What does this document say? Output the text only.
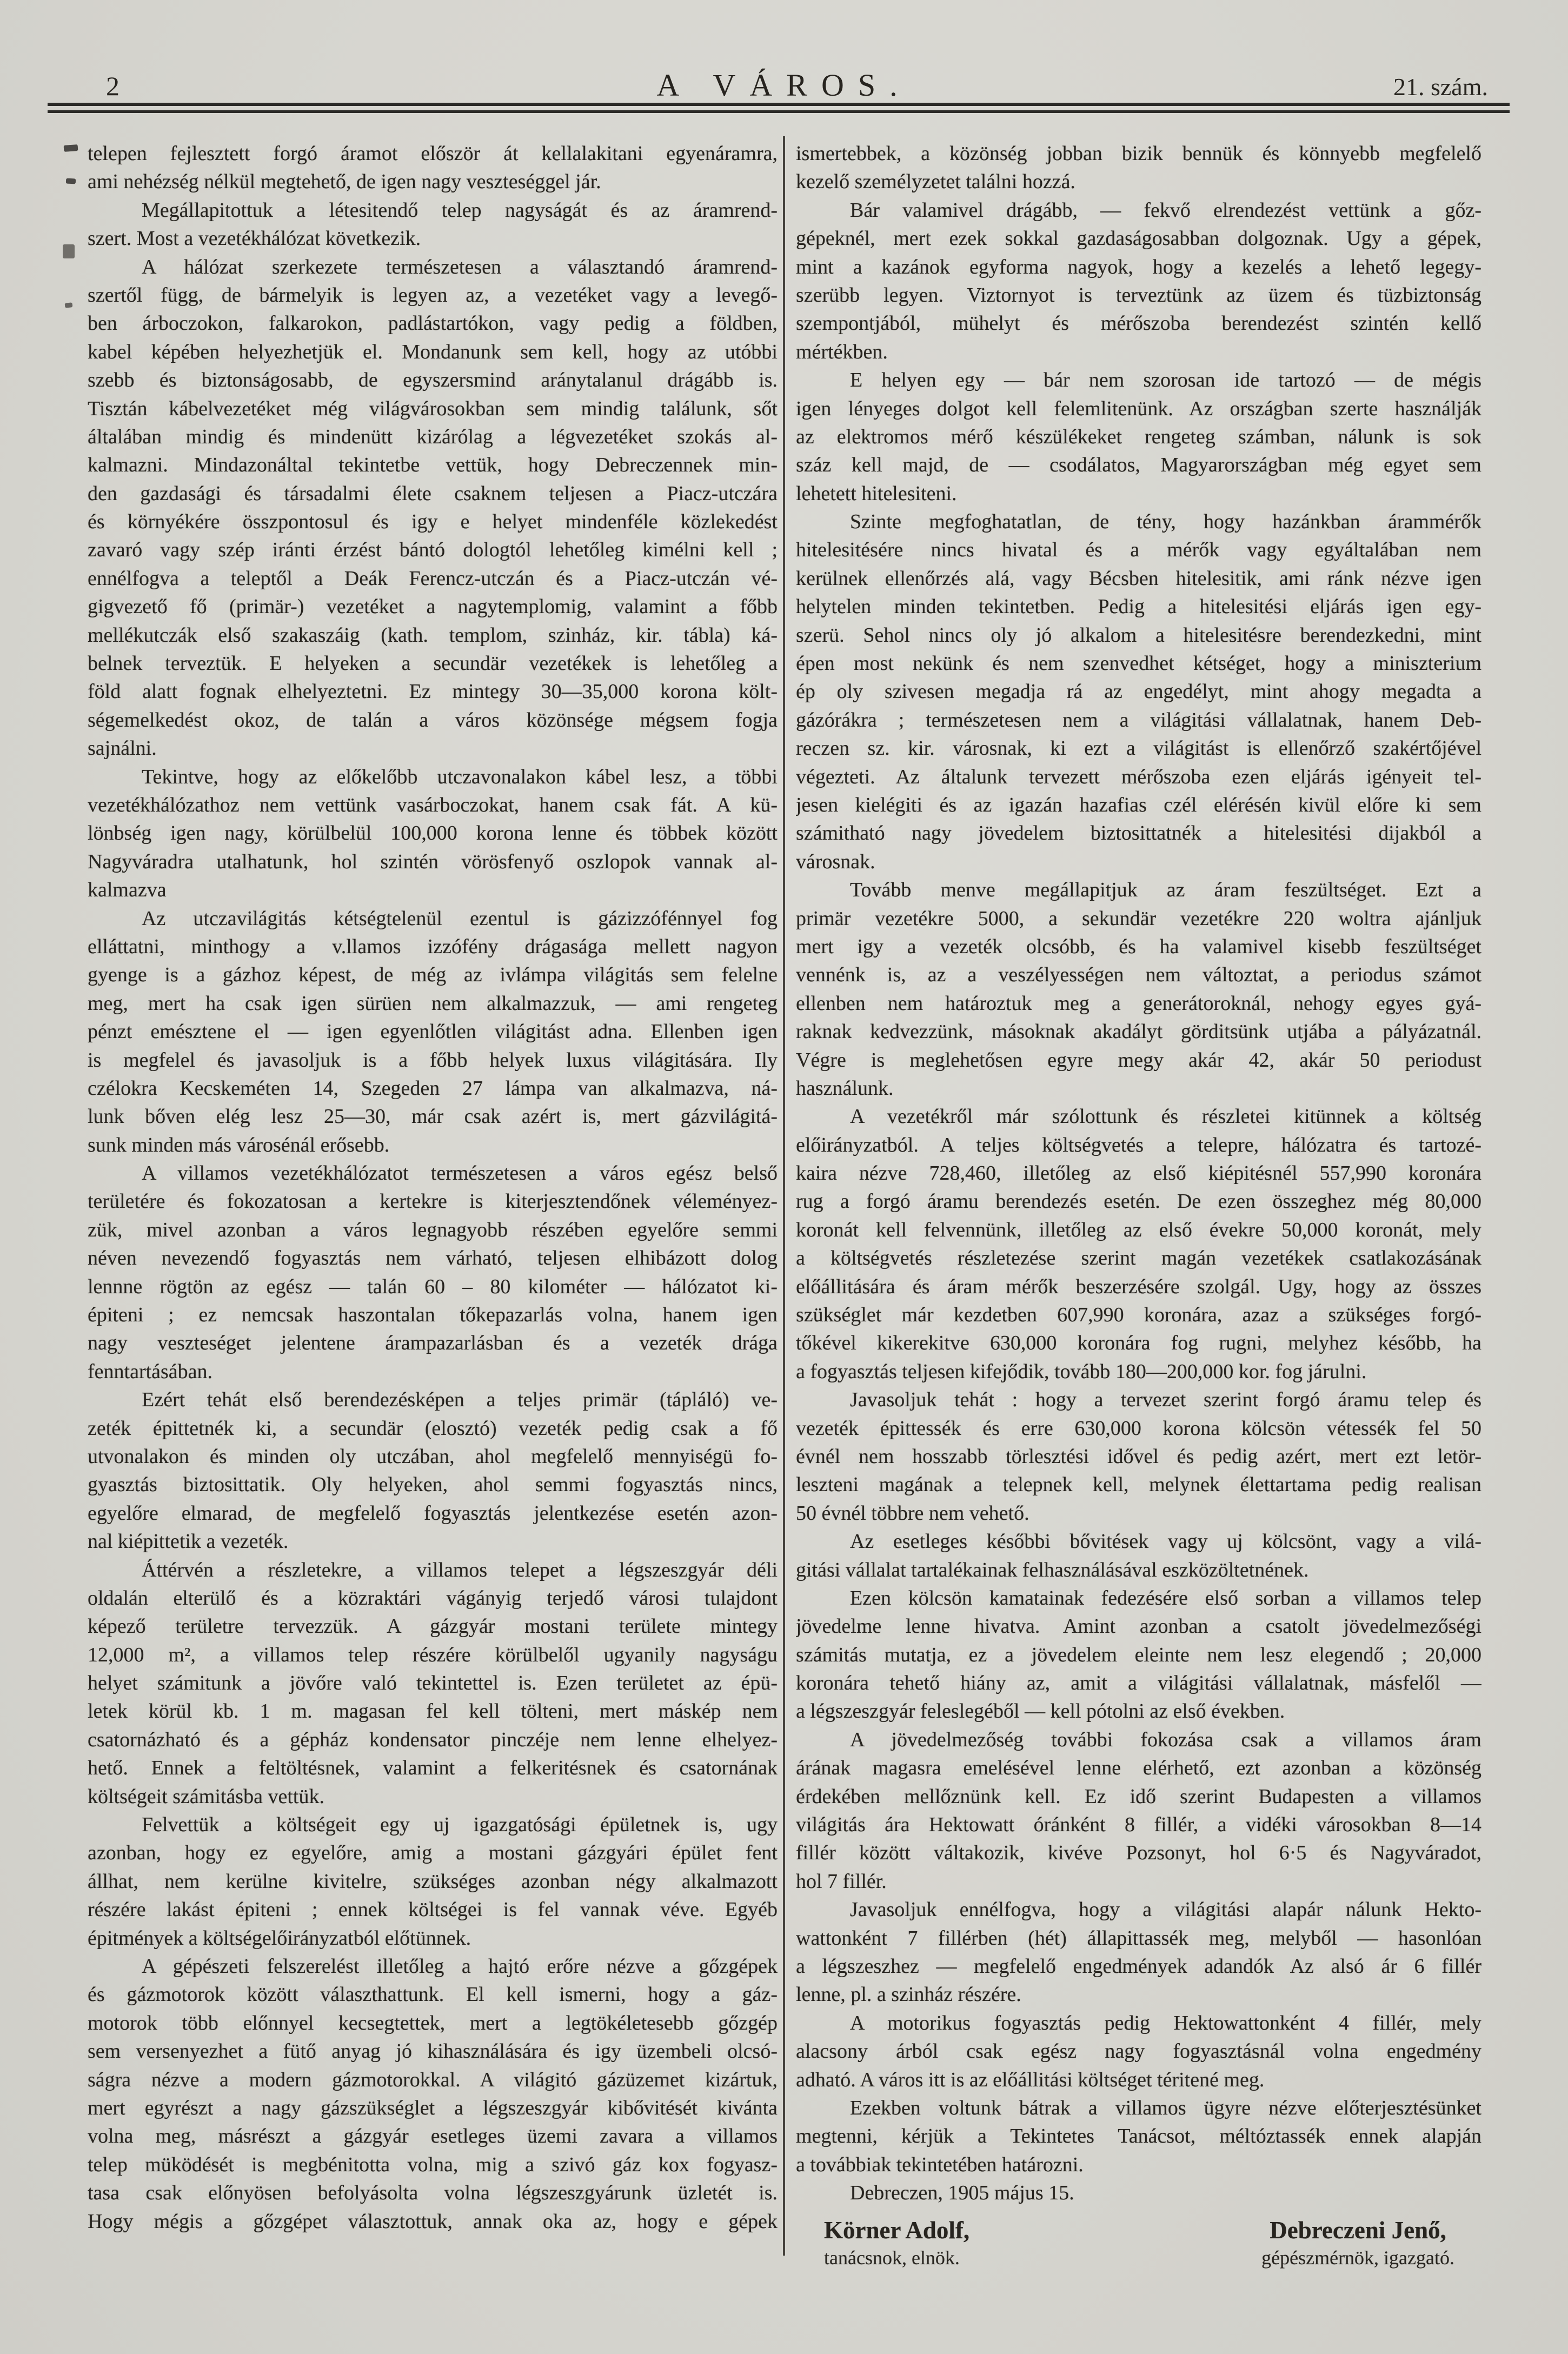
2	A VÁROS.	21. szám.
telepen fejlesztett forgó áramot először át kellalakitani egyenáramra,
ami nehézség nélkül megtehető, de igen nagy veszteséggel jár.
Megállapitottuk a létesitendő telep nagyságát és az áramrend-
szert. Most a vezetékhálózat következik.
A hálózat szerkezete természetesen a választandó áramrend-
szertől függ, de bármelyik is legyen az, a vezetéket vagy a levegő-
ben árboczokon, falkarokon, padlástartókon, vagy pedig a földben,
kabel képében helyezhetjük el. Mondanunk sem kell, hogy az utóbbi
szebb és biztonságosabb, de egyszersmind aránytalanul drágább is.
Tisztán kábelvezetéket még világvárosokban sem mindig találunk, sőt
általában mindig és mindenütt kizárólag a légvezetéket szokás al-
kalmazni. Mindazonáltal tekintetbe vettük, hogy Debreczennek min-
den gazdasági és társadalmi élete csaknem teljesen a Piacz-utczára
és környékére összpontosul és igy e helyet mindenféle közlekedést
zavaró vagy szép iránti érzést bántó dologtól lehetőleg kimélni kell ;
ennélfogva a teleptől a Deák Ferencz-utczán és a Piacz-utczán vé-
gigvezető fő (primär-) vezetéket a nagytemplomig, valamint a főbb
mellékutczák első szakaszáig (kath. templom, szinház, kir. tábla) ká-
belnek terveztük. E helyeken a secundär vezetékek is lehetőleg a
föld alatt fognak elhelyeztetni. Ez mintegy 30—35,000 korona költ-
ségemelkedést okoz, de talán a város közönsége mégsem fogja
sajnálni.
Tekintve, hogy az előkelőbb utczavonalakon kábel lesz, a többi
vezetékhálózathoz nem vettünk vasárboczokat, hanem csak fát. A kü-
lönbség igen nagy, körülbelül 100,000 korona lenne és többek között
Nagyváradra utalhatunk, hol szintén vörösfenyő oszlopok vannak al-
kalmazva
Az utczavilágitás kétségtelenül ezentul is gázizzófénnyel fog
elláttatni, minthogy a v.llamos izzófény drágasága mellett nagyon
gyenge is a gázhoz képest, de még az ivlámpa világitás sem felelne
meg, mert ha csak igen sürüen nem alkalmazzuk, — ami rengeteg
pénzt emésztene el — igen egyenlőtlen világitást adna. Ellenben igen
is megfelel és javasoljuk is a főbb helyek luxus világitására. Ily
czélokra Kecskeméten 14, Szegeden 27 lámpa van alkalmazva, ná-
lunk bőven elég lesz 25—30, már csak azért is, mert gázvilágitá-
sunk minden más városénál erősebb.
A villamos vezetékhálózatot természetesen a város egész belső
területére és fokozatosan a kertekre is kiterjesztendőnek véleményez-
zük, mivel azonban a város legnagyobb részében egyelőre semmi
néven nevezendő fogyasztás nem várható, teljesen elhibázott dolog
lennne rögtön az egész — talán 60 – 80 kilométer — hálózatot ki-
épiteni ; ez nemcsak haszontalan tőkepazarlás volna, hanem igen
nagy veszteséget jelentene árampazarlásban és a vezeték drága
fenntartásában.
Ezért tehát első berendezésképen a teljes primär (tápláló) ve-
zeték épittetnék ki, a secundär (elosztó) vezeték pedig csak a fő
utvonalakon és minden oly utczában, ahol megfelelő mennyiségü fo-
gyasztás biztosittatik. Oly helyeken, ahol semmi fogyasztás nincs,
egyelőre elmarad, de megfelelő fogyasztás jelentkezése esetén azon-
nal kiépittetik a vezeték.
Áttérvén a részletekre, a villamos telepet a légszeszgyár déli
oldalán elterülő és a közraktári vágányig terjedő városi tulajdont
képező területre tervezzük. A gázgyár mostani területe mintegy
12,000 m², a villamos telep részére körülbelől ugyanily nagyságu
helyet számitunk a jövőre való tekintettel is. Ezen területet az épü-
letek körül kb. 1 m. magasan fel kell tölteni, mert máskép nem
csatornázható és a gépház kondensator pinczéje nem lenne elhelyez-
hető. Ennek a feltöltésnek, valamint a felkeritésnek és csatornának
költségeit számitásba vettük.
Felvettük a költségeit egy uj igazgatósági épületnek is, ugy
azonban, hogy ez egyelőre, amig a mostani gázgyári épület fent
állhat, nem kerülne kivitelre, szükséges azonban négy alkalmazott
részére lakást épiteni ; ennek költségei is fel vannak véve. Egyéb
épitmények a költségelőirányzatból előtünnek.
A gépészeti felszerelést illetőleg a hajtó erőre nézve a gőzgépek
és gázmotorok között választhattunk. El kell ismerni, hogy a gáz-
motorok több előnnyel kecsegtettek, mert a legtökéletesebb gőzgép
sem versenyezhet a fütő anyag jó kihasználására és igy üzembeli olcsó-
ságra nézve a modern gázmotorokkal. A világitó gázüzemet kizártuk,
mert egyrészt a nagy gázszükséglet a légszeszgyár kibővitését kivánta
volna meg, másrészt a gázgyár esetleges üzemi zavara a villamos
telep müködését is megbénitotta volna, mig a szivó gáz kox fogyasz-
tasa csak előnyösen befolyásolta volna légszeszgyárunk üzletét is.
Hogy mégis a gőzgépet választottuk, annak oka az, hogy e gépek
ismertebbek, a közönség jobban bizik bennük és könnyebb megfelelő
kezelő személyzetet találni hozzá.
Bár valamivel drágább, — fekvő elrendezést vettünk a gőz-
gépeknél, mert ezek sokkal gazdaságosabban dolgoznak. Ugy a gépek,
mint a kazánok egyforma nagyok, hogy a kezelés a lehető legegy-
szerübb legyen. Viztornyot is terveztünk az üzem és tüzbiztonság
szempontjából, mühelyt és mérőszoba berendezést szintén kellő
mértékben.
E helyen egy — bár nem szorosan ide tartozó — de mégis
igen lényeges dolgot kell felemlitenünk. Az országban szerte használják
az elektromos mérő készülékeket rengeteg számban, nálunk is sok
száz kell majd, de — csodálatos, Magyarországban még egyet sem
lehetett hitelesiteni.
Szinte megfoghatatlan, de tény, hogy hazánkban árammérők
hitelesitésére nincs hivatal és a mérők vagy egyáltalában nem
kerülnek ellenőrzés alá, vagy Bécsben hitelesitik, ami ránk nézve igen
helytelen minden tekintetben. Pedig a hitelesitési eljárás igen egy-
szerü. Sehol nincs oly jó alkalom a hitelesitésre berendezkedni, mint
épen most nekünk és nem szenvedhet kétséget, hogy a miniszterium
ép oly szivesen megadja rá az engedélyt, mint ahogy megadta a
gázórákra ; természetesen nem a világitási vállalatnak, hanem Deb-
reczen sz. kir. városnak, ki ezt a világitást is ellenőrző szakértőjével
végezteti. Az általunk tervezett mérőszoba ezen eljárás igényeit tel-
jesen kielégiti és az igazán hazafias czél elérésén kivül előre ki sem
számitható nagy jövedelem biztosittatnék a hitelesitési dijakból a
városnak.
Tovább menve megállapitjuk az áram feszültséget. Ezt a
primär vezetékre 5000, a sekundär vezetékre 220 woltra ajánljuk
mert igy a vezeték olcsóbb, és ha valamivel kisebb feszültséget
vennénk is, az a veszélyességen nem változtat, a periodus számot
ellenben nem határoztuk meg a generátoroknál, nehogy egyes gyá-
raknak kedvezzünk, másoknak akadályt görditsünk utjába a pályázatnál.
Végre is meglehetősen egyre megy akár 42, akár 50 periodust
használunk.
A vezetékről már szólottunk és részletei kitünnek a költség
előirányzatból. A teljes költségvetés a telepre, hálózatra és tartozé-
kaira nézve 728,460, illetőleg az első kiépitésnél 557,990 koronára
rug a forgó áramu berendezés esetén. De ezen összeghez még 80,000
koronát kell felvennünk, illetőleg az első évekre 50,000 koronát, mely
a költségvetés részletezése szerint magán vezetékek csatlakozásának
előállitására és áram mérők beszerzésére szolgál. Ugy, hogy az összes
szükséglet már kezdetben 607,990 koronára, azaz a szükséges forgó-
tőkével kikerekitve 630,000 koronára fog rugni, melyhez később, ha
a fogyasztás teljesen kifejődik, tovább 180—200,000 kor. fog járulni.
Javasoljuk tehát : hogy a tervezet szerint forgó áramu telep és
vezeték épittessék és erre 630,000 korona kölcsön vétessék fel 50
évnél nem hosszabb törlesztési idővel és pedig azért, mert ezt letör-
leszteni magának a telepnek kell, melynek élettartama pedig realisan
50 évnél többre nem vehető.
Az esetleges későbbi bővitések vagy uj kölcsönt, vagy a vilá-
gitási vállalat tartalékainak felhasználásával eszközöltetnének.
Ezen kölcsön kamatainak fedezésére első sorban a villamos telep
jövedelme lenne hivatva. Amint azonban a csatolt jövedelmezőségi
számitás mutatja, ez a jövedelem eleinte nem lesz elegendő ; 20,000
koronára tehető hiány az, amit a világitási vállalatnak, másfelől —
a légszeszgyár feleslegéből — kell pótolni az első években.
A jövedelmezőség további fokozása csak a villamos áram
árának magasra emelésével lenne elérhető, ezt azonban a közönség
érdekében mellőznünk kell. Ez idő szerint Budapesten a villamos
világitás ára Hektowatt óránként 8 fillér, a vidéki városokban 8—14
fillér között váltakozik, kivéve Pozsonyt, hol 6·5 és Nagyváradot,
hol 7 fillér.
Javasoljuk ennélfogva, hogy a világitási alapár nálunk Hekto-
wattonként 7 fillérben (hét) állapittassék meg, melyből — hasonlóan
a légszeszhez — megfelelő engedmények adandók Az alsó ár 6 fillér
lenne, pl. a szinház részére.
A motorikus fogyasztás pedig Hektowattonként 4 fillér, mely
alacsony árból csak egész nagy fogyasztásnál volna engedmény
adható. A város itt is az előállitási költséget téritené meg.
Ezekben voltunk bátrak a villamos ügyre nézve előterjesztésünket
megtenni, kérjük a Tekintetes Tanácsot, méltóztassék ennek alapján
a továbbiak tekintetében határozni.
Debreczen, 1905 május 15.
Körner Adolf,
tanácsnok, elnök.
Debreczeni Jenő,
gépészmérnök, igazgató.
